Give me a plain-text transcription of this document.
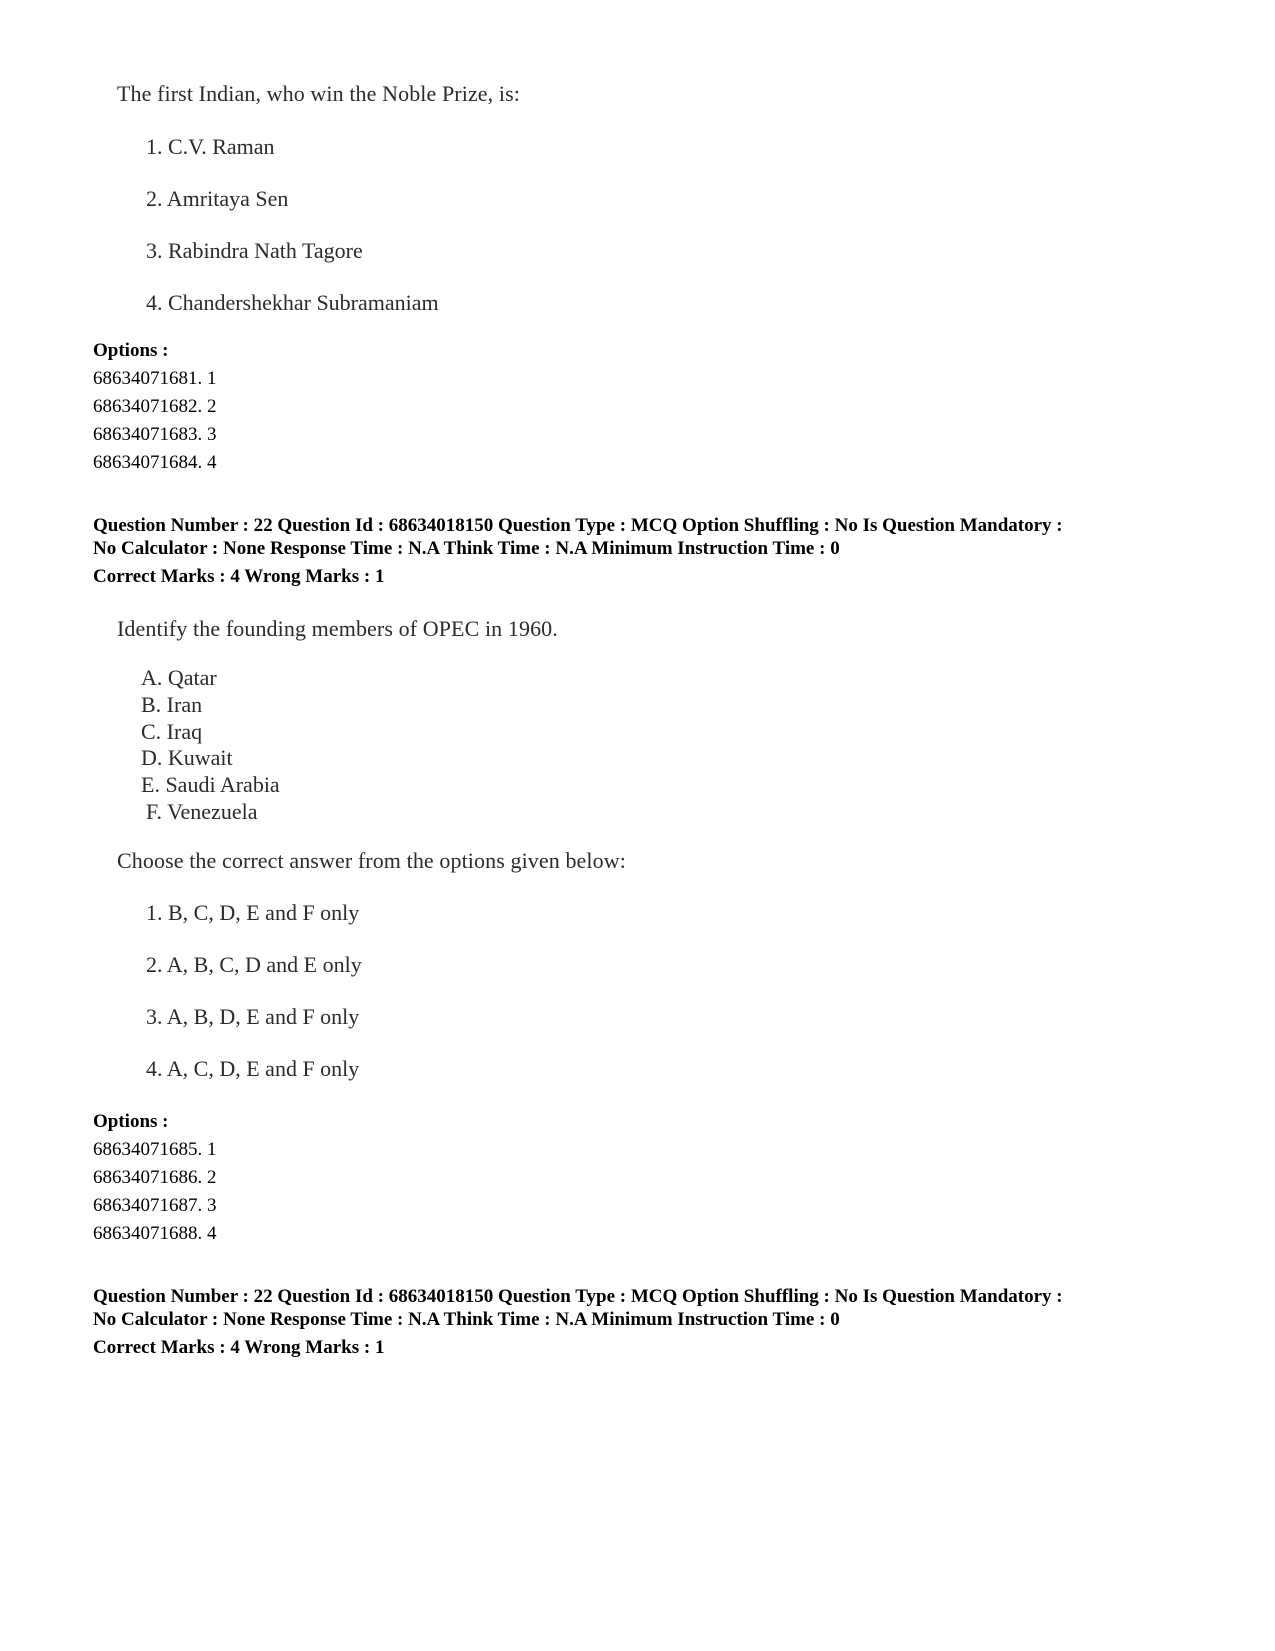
The first Indian, who win the Noble Prize, is:
1. C.V. Raman
2. Amritaya Sen
3. Rabindra Nath Tagore
4. Chandershekhar Subramaniam
Options :
68634071681. 1
68634071682. 2
68634071683. 3
68634071684. 4
Question Number : 22 Question Id : 68634018150 Question Type : MCQ Option Shuffling : No Is Question Mandatory :
No Calculator : None Response Time : N.A Think Time : N.A Minimum Instruction Time : 0
Correct Marks : 4 Wrong Marks : 1
Identify the founding members of OPEC in 1960.
A. Qatar
B. Iran
C. Iraq
D. Kuwait
E. Saudi Arabia
F. Venezuela
Choose the correct answer from the options given below:
1. B, C, D, E and F only
2. A, B, C, D and E only
3. A, B, D, E and F only
4. A, C, D, E and F only
Options :
68634071685. 1
68634071686. 2
68634071687. 3
68634071688. 4
Question Number : 22 Question Id : 68634018150 Question Type : MCQ Option Shuffling : No Is Question Mandatory :
No Calculator : None Response Time : N.A Think Time : N.A Minimum Instruction Time : 0
Correct Marks : 4 Wrong Marks : 1
